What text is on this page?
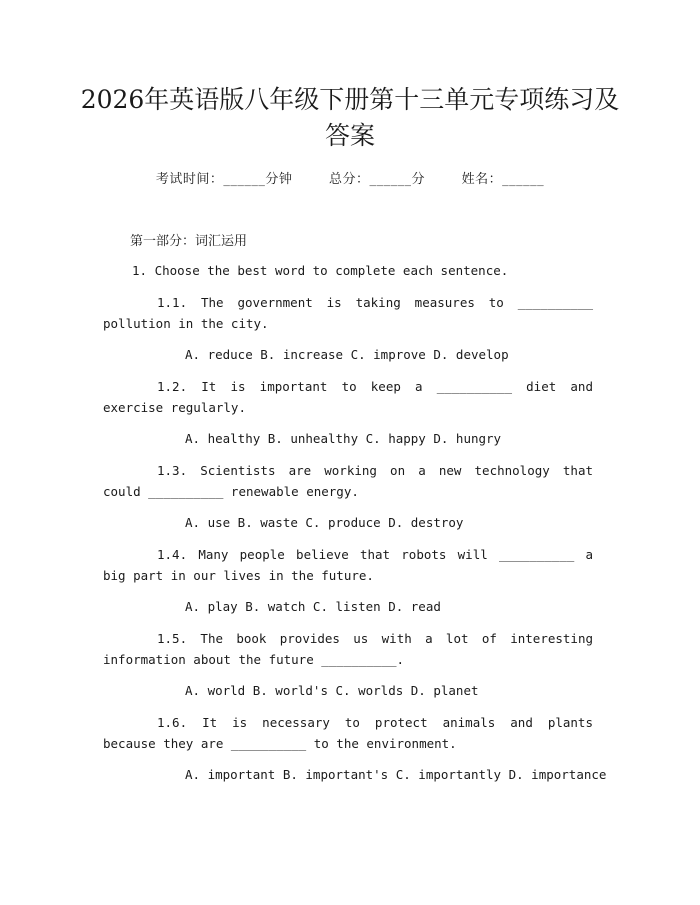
2026年英语版八年级下册第十三单元专项练习及答案
考试时间：______分钟	总分：______分	姓名：______
第一部分：词汇运用
1. Choose the best word to complete each sentence.
1.1. The government is taking measures to __________ pollution in the city.
A. reduce B. increase C. improve D. develop
1.2. It is important to keep a __________ diet and exercise regularly.
A. healthy B. unhealthy C. happy D. hungry
1.3. Scientists are working on a new technology that could __________ renewable energy.
A. use B. waste C. produce D. destroy
1.4. Many people believe that robots will __________ a big part in our lives in the future.
A. play B. watch C. listen D. read
1.5. The book provides us with a lot of interesting information about the future __________.
A. world B. world's C. worlds D. planet
1.6. It is necessary to protect animals and plants because they are __________ to the environment.
A. important B. important's C. importantly D. importance
